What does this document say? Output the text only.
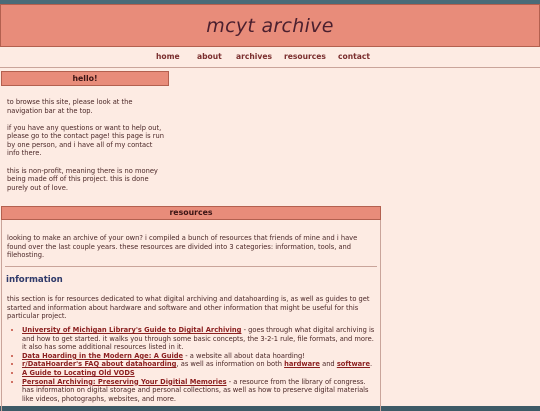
mcyt archive
home about archives resources contact
hello!

to browse this site, please look at the navigation bar at the top.

if you have any questions or want to help out, please go to the contact page! this page is run by one person, and i have all of my contact info there.

this is non-profit, meaning there is no money being made off of this project. this is done purely out of love.

resources

looking to make an archive of your own? i compiled a bunch of resources that friends of mine and i have found over the last couple years. these resources are divided into 3 categories: information, tools, and filehosting.

information

this section is for resources dedicated to what digital archiving and datahoarding is, as well as guides to get started and information about hardware and software and other information that might be useful for this particular project.

• University of Michigan Library's Guide to Digital Archiving - goes through what digital archiving is and how to get started. it walks you through some basic concepts, the 3-2-1 rule, file formats, and more. it also has some additional resources listed in it.
• Data Hoarding in the Modern Age: A Guide - a website all about data hoarding!
• r/DataHoarder's FAQ about datahoarding, as well as information on both hardware and software.
• A Guide to Locating Old VODS
• Personal Archiving: Preserving Your Digitial Memories - a resource from the library of congress. has information on digital storage and personal collections, as well as how to preserve digital materials like videos, photographs, websites, and more.
